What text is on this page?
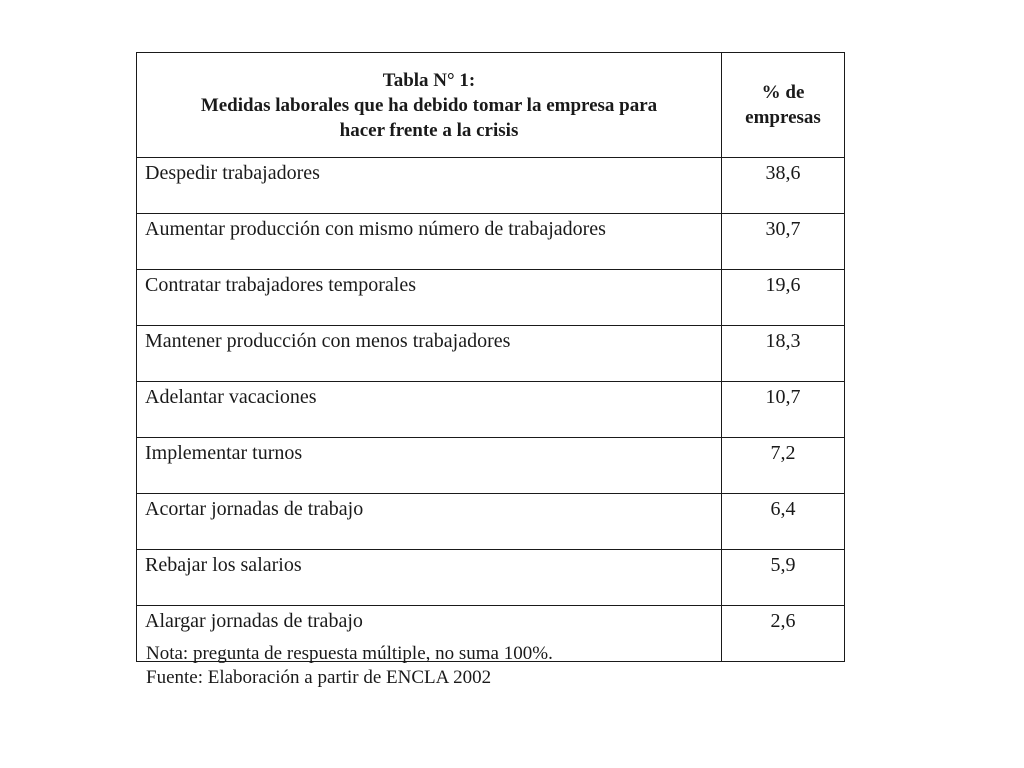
Tabla N° 1:
Medidas laborales que ha debido tomar la empresa para
hacer frente a la crisis	% de
empresas

Despedir trabajadores	38,6
Aumentar producción con mismo número de trabajadores	30,7
Contratar trabajadores temporales	19,6
Mantener producción con menos trabajadores	18,3
Adelantar vacaciones	10,7
Implementar turnos	7,2
Acortar jornadas de trabajo	6,4
Rebajar los salarios	5,9
Alargar jornadas de trabajo	2,6
Nota: pregunta de respuesta múltiple, no suma 100%.
Fuente: Elaboración a partir de ENCLA 2002
